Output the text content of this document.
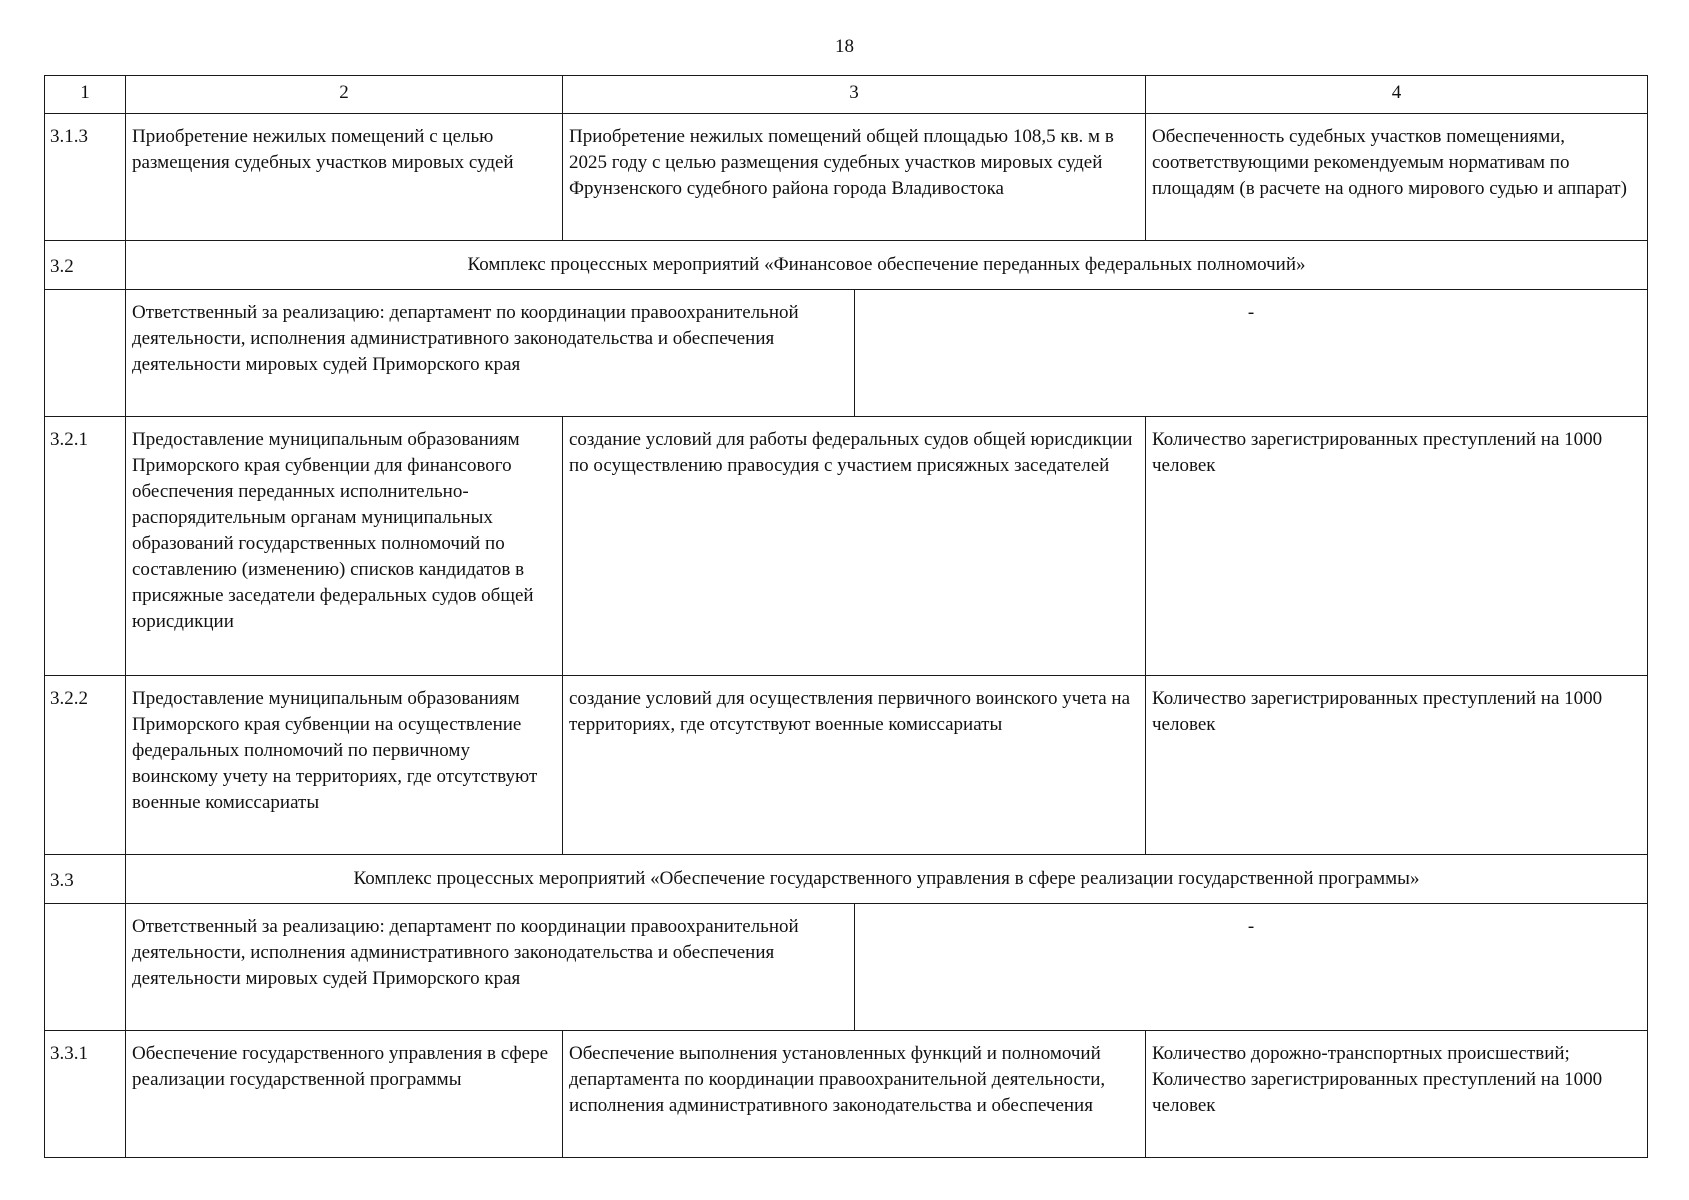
18
1	2	3		4
3.1.3	Приобретение нежилых помещений с целью размещения судебных участков мировых судей	Приобретение нежилых помещений общей площадью 108,5 кв. м в 2025 году с целью размещения судебных участков мировых судей Фрунзенского судебного района города Владивостока		Обеспеченность судебных участков помещениями, соответствующими рекомендуемым нормативам по площадям (в расчете на одного мирового судью и аппарат)
3.2	Комплекс процессных мероприятий «Финансовое обеспечение переданных федеральных полномочий»			
	Ответственный за реализацию: департамент по координации правоохранительной деятельности, исполнения административного законодательства и обеспечения деятельности мировых судей Приморского края		-	
3.2.1	Предоставление муниципальным образованиям Приморского края субвенции для финансового обеспечения переданных исполнительно-распорядительным органам муниципальных образований государственных полномочий по составлению (изменению) списков кандидатов в присяжные заседатели федеральных судов общей юрисдикции	создание условий для работы федеральных судов общей юрисдикции по осуществлению правосудия с участием присяжных заседателей		Количество зарегистрированных преступлений на 1000 человек
3.2.2	Предоставление муниципальным образованиям Приморского края субвенции на осуществление федеральных полномочий по первичному воинскому учету на территориях, где отсутствуют военные комиссариаты	создание условий для осуществления первичного воинского учета на территориях, где отсутствуют военные комиссариаты		Количество зарегистрированных преступлений на 1000 человек
3.3	Комплекс процессных мероприятий «Обеспечение государственного управления в сфере реализации государственной программы»			
	Ответственный за реализацию: департамент по координации правоохранительной деятельности, исполнения административного законодательства и обеспечения деятельности мировых судей Приморского края		-	
3.3.1	Обеспечение государственного управления в сфере реализации государственной программы	Обеспечение выполнения установленных функций и полномочий департамента по координации правоохранительной деятельности, исполнения административного законодательства и обеспечения		Количество дорожно-транспортных происшествий; Количество зарегистрированных преступлений на 1000 человек
